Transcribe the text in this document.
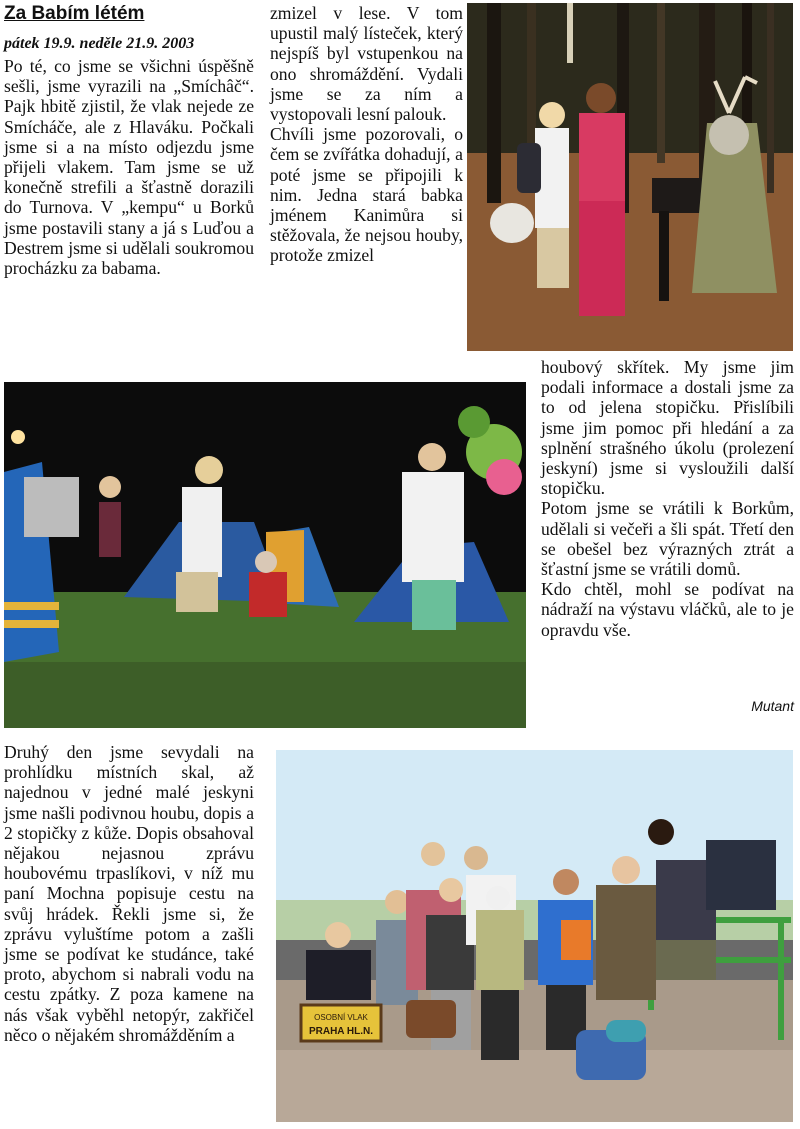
Za Babím létém
pátek 19.9. neděle 21.9. 2003

Po té, co jsme se všichni úspěšně sešli, jsme vyrazili na „Smíchâč“. Pajk hbitě zjistil, že vlak nejede ze Smícháče, ale z Hlaváku. Počkali jsme si a na místo odjezdu jsme přijeli vlakem. Tam jsme se už konečně strefili a šťastně dorazili do Turnova. V „kempu“ u Borků jsme postavili stany a já s Luďou a Destrem jsme si udělali soukromou procházku za babama.

zmizel v lese. V tom upustil malý lísteček, který nejspíš byl vstupenkou na ono shromáždění. Vydali jsme se za ním a vystopovali lesní palouk.

Chvíli jsme pozorovali, o čem se zvířátka dohadují, a poté jsme se připojili k nim. Jedna stará babka jménem Kanimůra si stěžovala, že nejsou houby, protože zmizel

houbový skřítek. My jsme jim podali informace a dostali jsme za to od jelena stopičku. Přislíbili jsme jim pomoc při hledání a za splnění strašného úkolu (prolezení jeskyní) jsme si vysloužili další stopičku.

Potom jsme se vrátili k Borkům, udělali si večeři a šli spát. Třetí den se obešel bez výrazných ztrát a šťastní jsme se vrátili domů.

Kdo chtěl, mohl se podívat na nádraží na výstavu vláčků, ale to je opravdu vše.

Mutant

Druhý den jsme sevydali na prohlídku místních skal, až najednou v jedné malé jeskyni jsme našli podivnou houbu, dopis a 2 stopičky z kůže. Dopis obsahoval nějakou nejasnou zprávu houbovému trpaslíkovi, v níž mu paní Mochna popisuje cestu na svůj hrádek. Řekli jsme si, že zprávu vyluštíme potom a zašli jsme se podívat ke studánce, také proto, abychom si nabrali vodu na cestu zpátky. Z poza kamene na nás však vyběhl netopýr, zakřičel něco o nějakém shromážděním a

OSOBNÍ VLAK
PRAHA HL.N.
